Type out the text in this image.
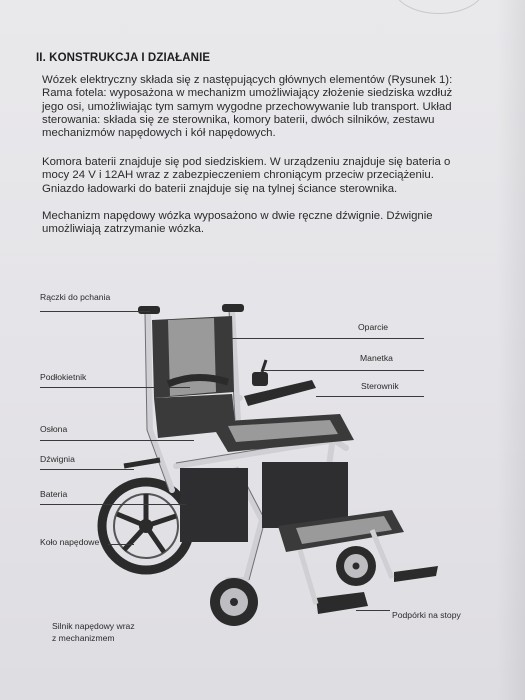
II. KONSTRUKCJA I DZIAŁANIE
Wózek elektryczny składa się z następujących głównych elementów (Rysunek 1):
Rama fotela: wyposażona w mechanizm umożliwiający złożenie siedziska wzdłuż
jego osi, umożliwiając tym samym wygodne przechowywanie lub transport. Układ
sterowania: składa się ze sterownika, komory baterii, dwóch silników, zestawu
mechanizmów napędowych i kół napędowych.
Komora baterii znajduje się pod siedziskiem. W urządzeniu znajduje się bateria o
mocy 24 V i 12AH wraz z zabezpieczeniem chroniącym przeciw przeciążeniu.
Gniazdo ładowarki do baterii znajduje się na tylnej ściance sterownika.
Mechanizm napędowy wózka wyposażono w dwie ręczne dźwignie. Dźwignie
umożliwiają zatrzymanie wózka.
Rączki do pchania
Oparcie
Manetka
Podłokietnik
Sterownik
Osłona
Dźwignia
Bateria
Koło napędowe
Silnik napędowy wraz
z mechanizmem
Podpórki na stopy
